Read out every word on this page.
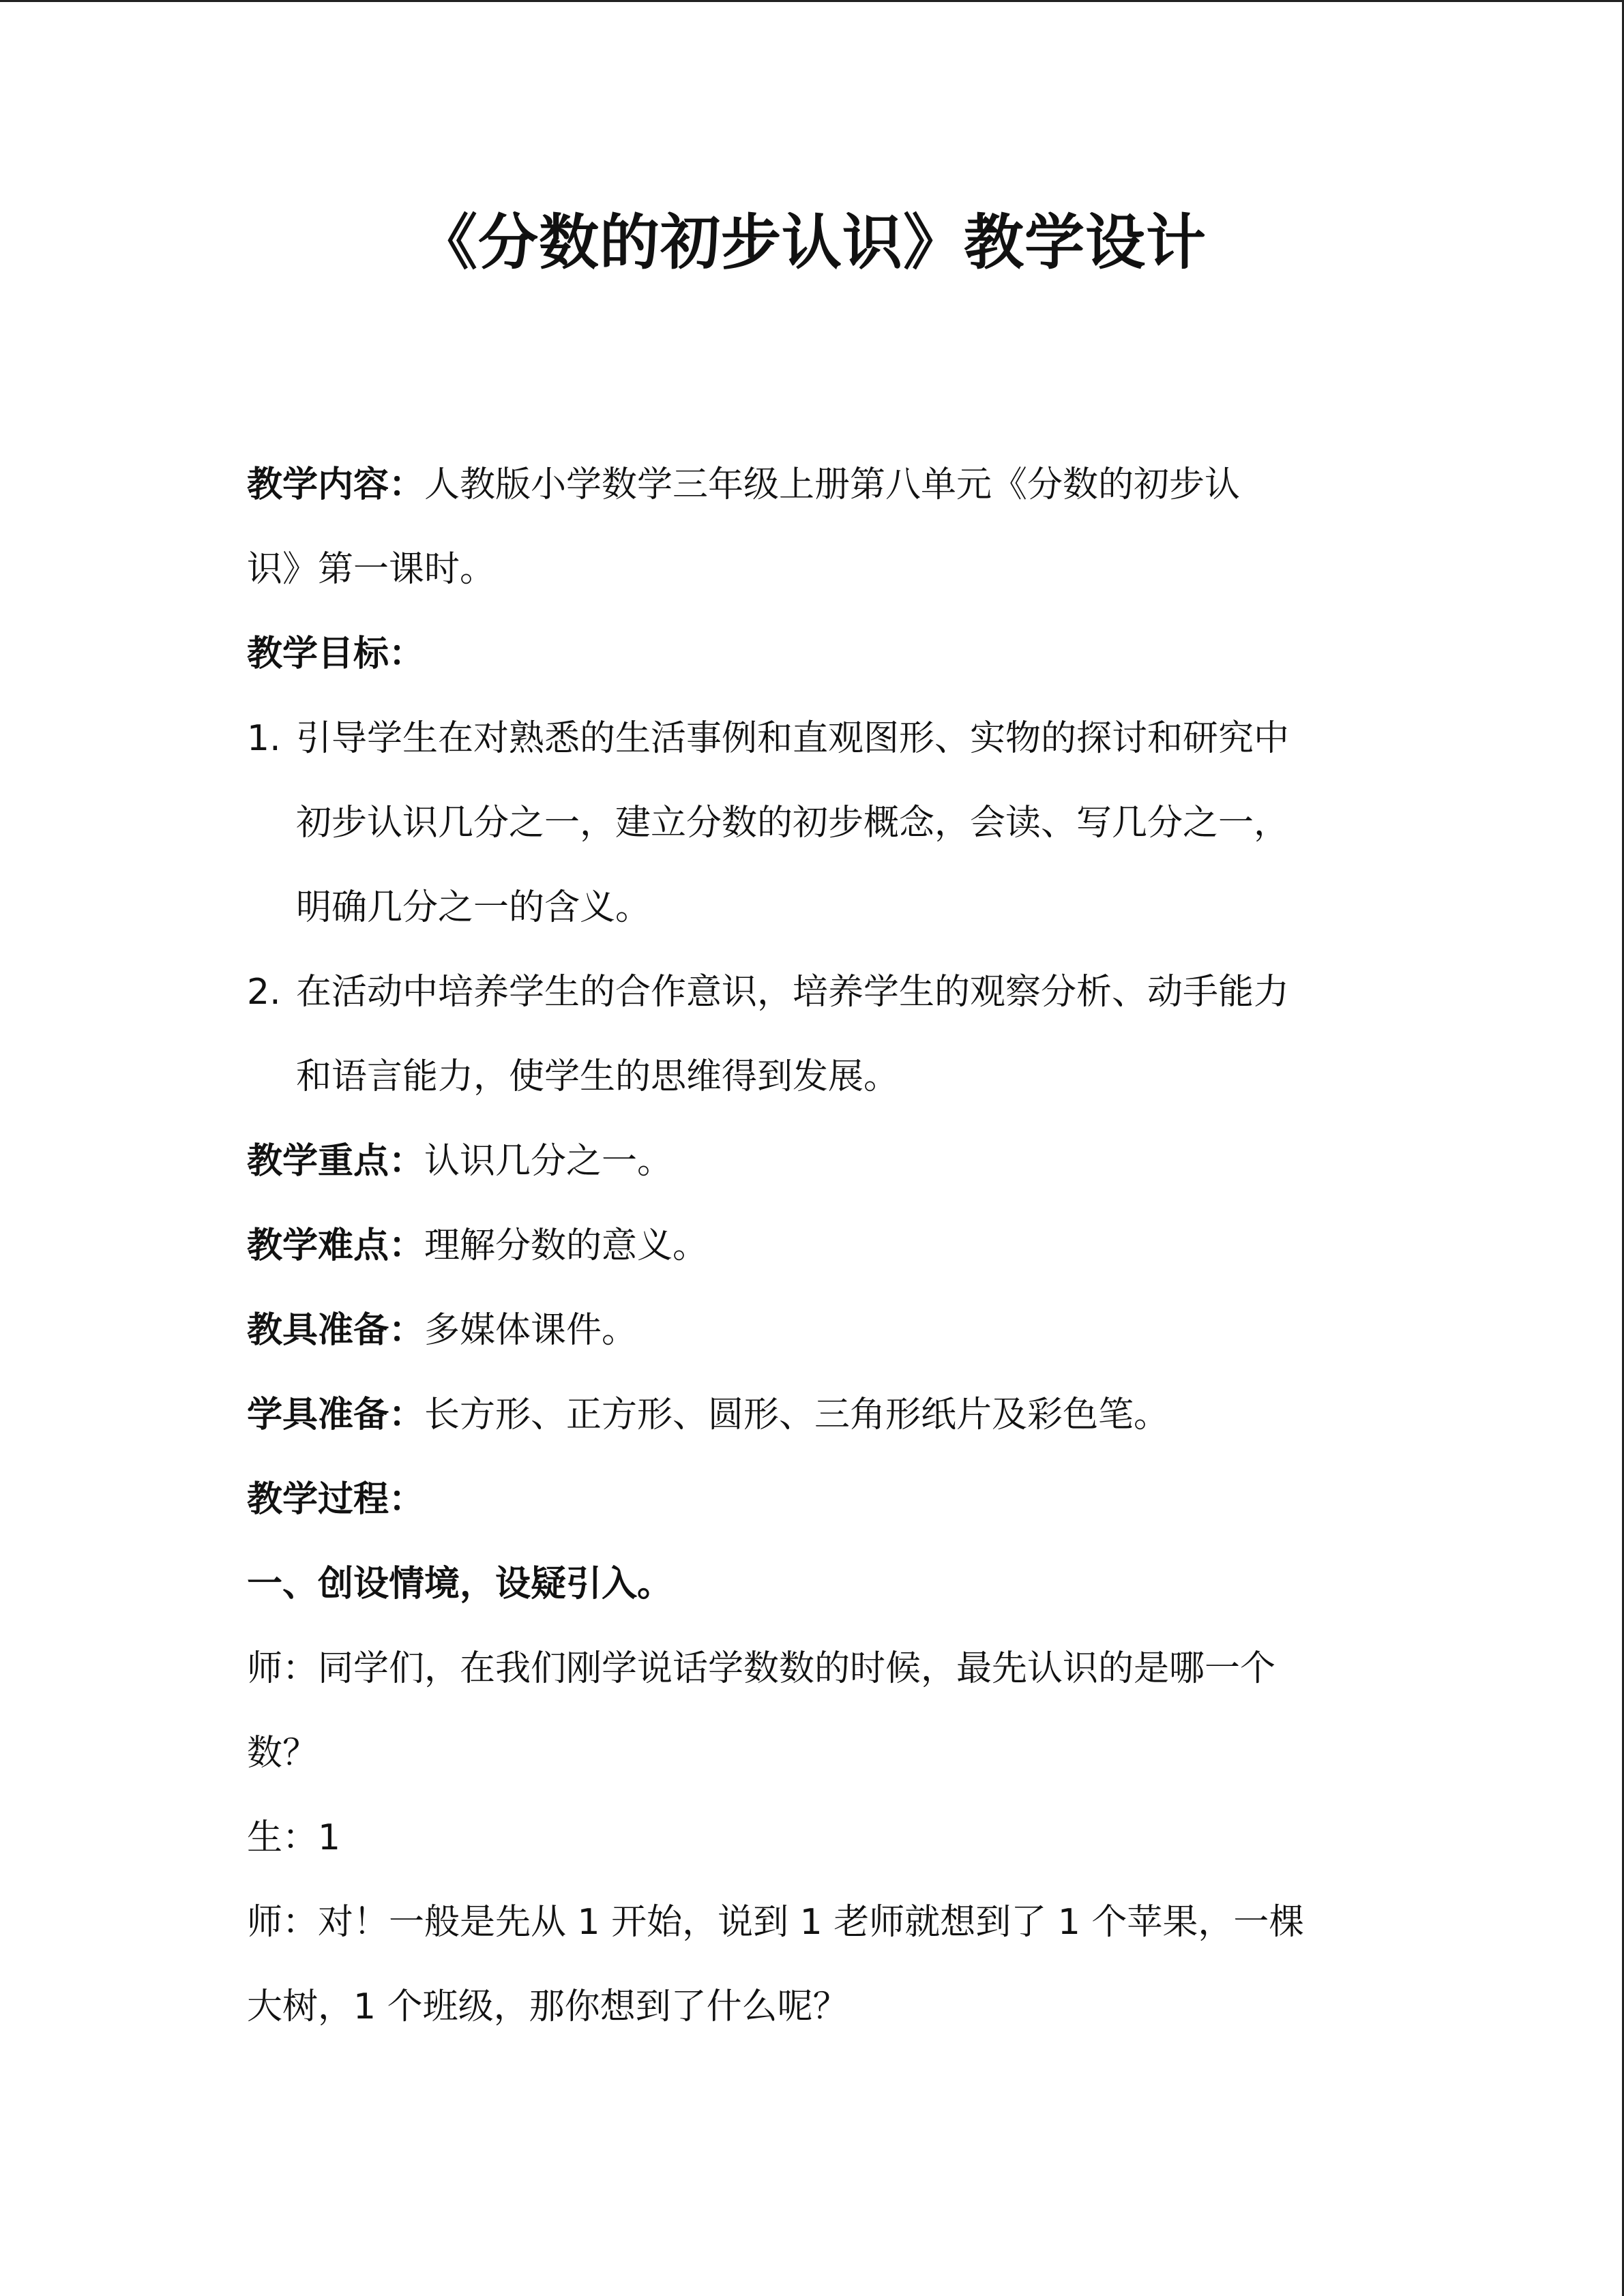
《分数的初步认识》教学设计
教学内容：人教版小学数学三年级上册第八单元《分数的初步认
识》第一课时。
教学目标：
1. 引导学生在对熟悉的生活事例和直观图形、实物的探讨和研究中
初步认识几分之一，建立分数的初步概念，会读、写几分之一，
明确几分之一的含义。
2. 在活动中培养学生的合作意识，培养学生的观察分析、动手能力
和语言能力，使学生的思维得到发展。
教学重点：认识几分之一。
教学难点：理解分数的意义。
教具准备：多媒体课件。
学具准备：长方形、正方形、圆形、三角形纸片及彩色笔。
教学过程：
一、创设情境，设疑引入。
师：同学们，在我们刚学说话学数数的时候，最先认识的是哪一个
数？
生：1
师：对！一般是先从 1 开始，说到 1 老师就想到了 1 个苹果，一棵
大树，1 个班级，那你想到了什么呢？
